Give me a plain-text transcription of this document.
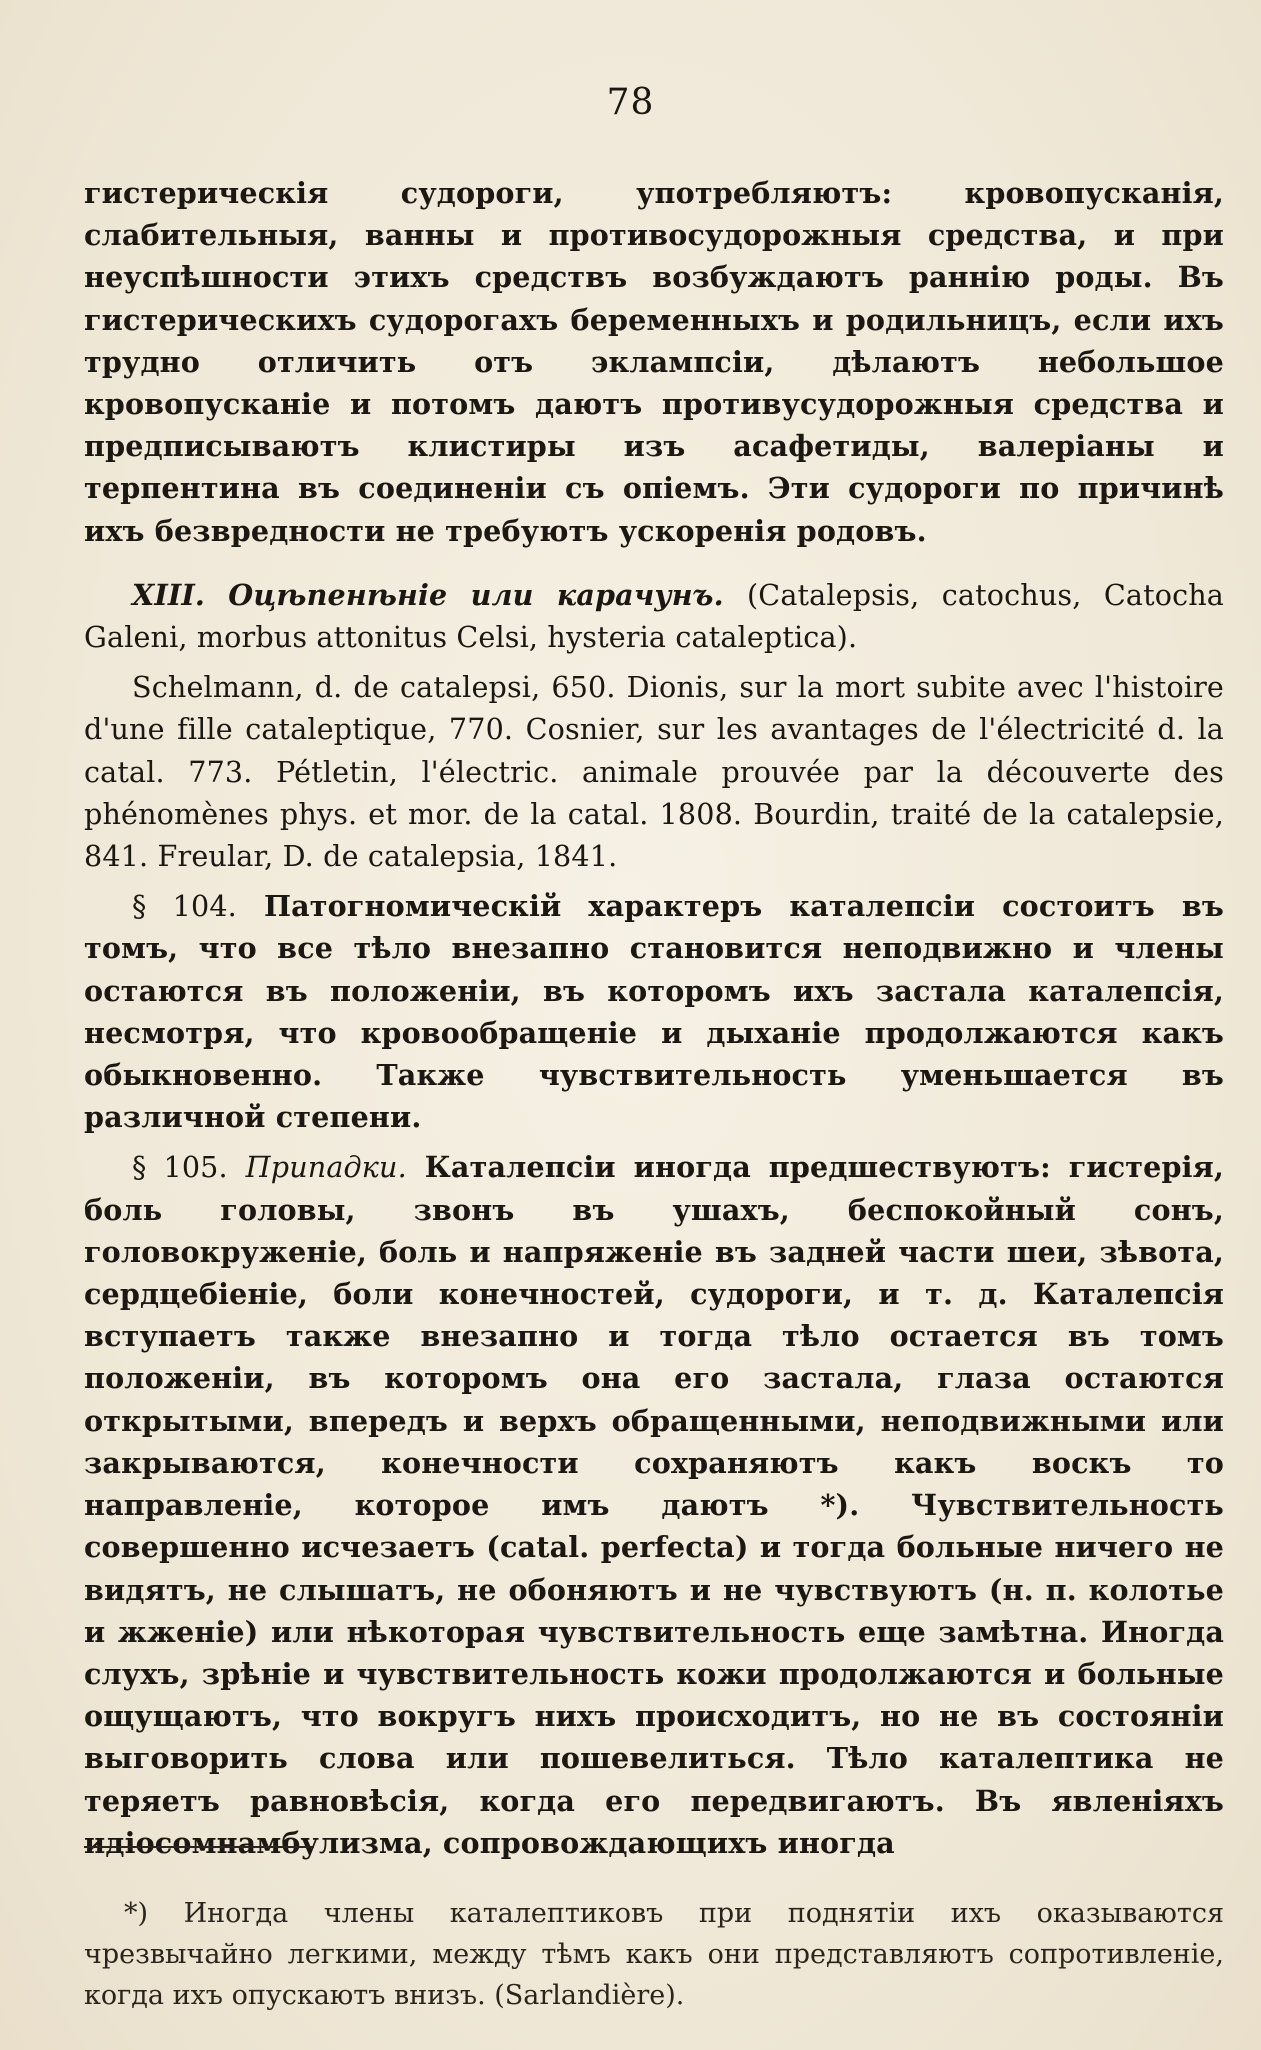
78

гистерическія судороги, употребляютъ: кровопусканія, слабительныя, ванны и противосудорожныя средства, и при неуспѣшности этихъ средствъ возбуждаютъ раннію роды. Въ гистерическихъ судорогахъ беременныхъ и родильницъ, если ихъ трудно отличить отъ эклампсіи, дѣлаютъ небольшое кровопусканіе и потомъ даютъ противусудорожныя средства и предписываютъ клистиры изъ асафетиды, валеріаны и терпентина въ соединеніи съ опіемъ. Эти судороги по причинѣ ихъ безвредности не требуютъ ускоренія родовъ.

XIII. Оцѣпенѣніе или карачунъ. (Catalepsis, catochus, Catocha Galeni, morbus attonitus Celsi, hysteria cataleptica).

Schelmann, d. de catalepsi, 650. Dionis, sur la mort subite avec l'histoire d'une fille cataleptique, 770. Cosnier, sur les avantages de l'électricité d. la catal. 773. Pétletin, l'électric. animale prouvée par la découverte des phénomènes phys. et mor. de la catal. 1808. Bourdin, traité de la catalepsie, 841. Freular, D. de catalepsia, 1841.

§ 104. Патогномическій характеръ каталепсіи состоитъ въ томъ, что все тѣло внезапно становится неподвижно и члены остаются въ положеніи, въ которомъ ихъ застала каталепсія, несмотря, что кровообращеніе и дыханіе продолжаются какъ обыкновенно. Также чувствительность уменьшается въ различной степени.

§ 105. Припадки. Каталепсіи иногда предшествуютъ: гистерія, боль головы, звонъ въ ушахъ, беспокойный сонъ, головокруженіе, боль и напряженіе въ задней части шеи, зѣвота, сердцебіеніе, боли конечностей, судороги, и т. д. Каталепсія вступаетъ также внезапно и тогда тѣло остается въ томъ положеніи, въ которомъ она его застала, глаза остаются открытыми, впередъ и верхъ обращенными, неподвижными или закрываются, конечности сохраняютъ какъ воскъ то направленіе, которое имъ даютъ *). Чувствительность совершенно исчезаетъ (catal. perfecta) и тогда больные ничего не видятъ, не слышатъ, не обоняютъ и не чувствуютъ (н. п. колотье и жженіе) или нѣкоторая чувствительность еще замѣтна. Иногда слухъ, зрѣніе и чувствительность кожи продолжаются и больные ощущаютъ, что вокругъ нихъ происходитъ, но не въ состояніи выговорить слова или пошевелиться. Тѣло каталептика не теряетъ равновѣсія, когда его передвигаютъ. Въ явленіяхъ идіосомнамбулизма, сопровождающихъ иногда

*) Иногда члены каталептиковъ при поднятіи ихъ оказываются чрезвычайно легкими, между тѣмъ какъ они представляютъ сопротивленіе, когда ихъ опускаютъ внизъ. (Sarlandière).
